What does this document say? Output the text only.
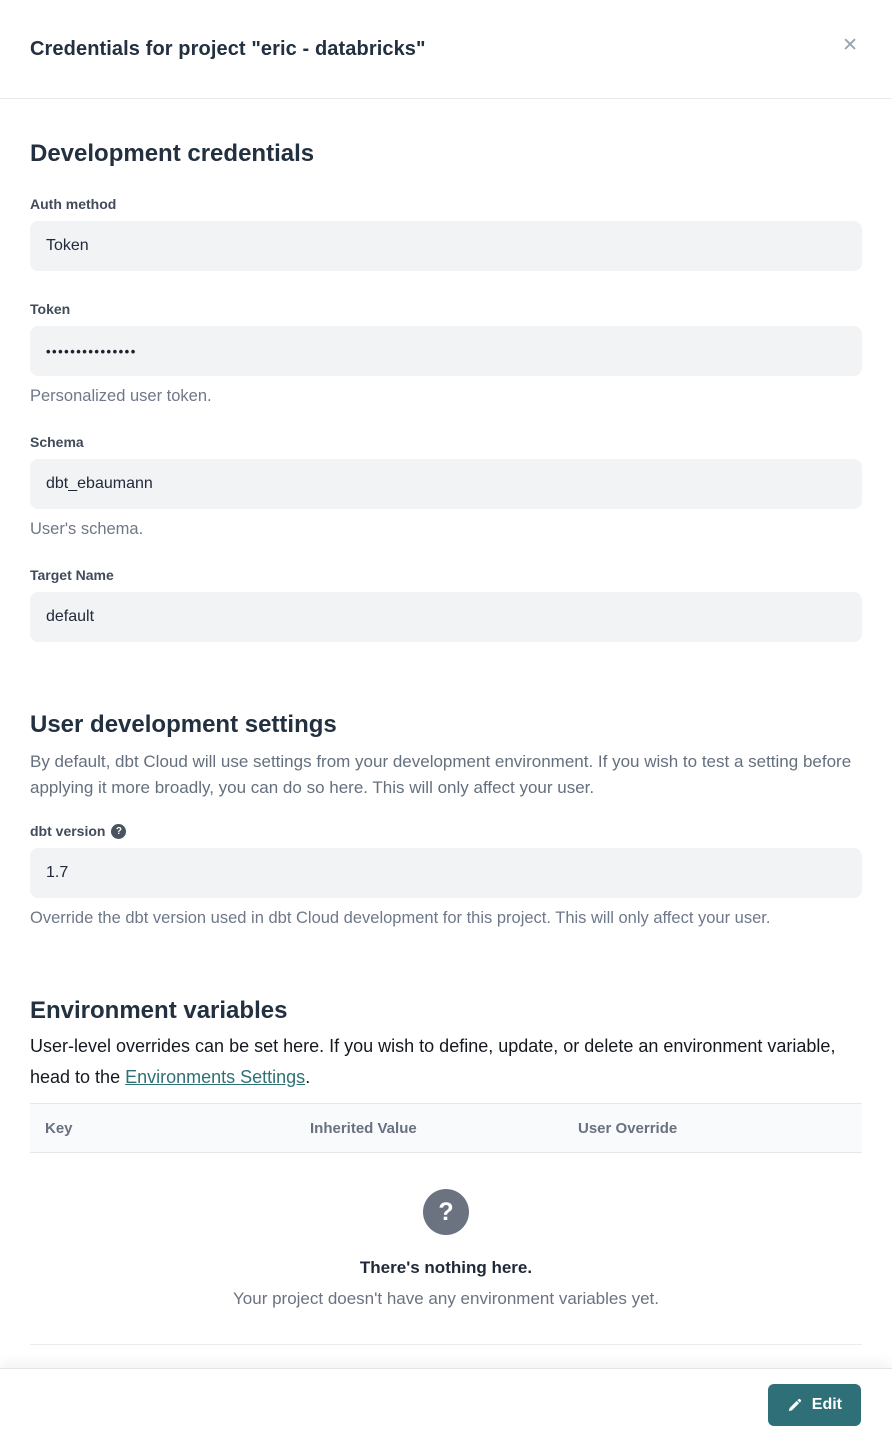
Credentials for project "eric - databricks"	✕
Development credentials
Auth method
Token
Token
•••••••••••••••
Personalized user token.
Schema
dbt_ebaumann
User's schema.
Target Name
default
User development settings
By default, dbt Cloud will use settings from your development environment. If you wish to test a setting before applying it more broadly, you can do so here. This will only affect your user.
dbt version	?
1.7
Override the dbt version used in dbt Cloud development for this project. This will only affect your user.
Environment variables
User-level overrides can be set here. If you wish to define, update, or delete an environment variable, head to the Environments Settings.
Key	Inherited Value	User Override
?
There's nothing here.
Your project doesn't have any environment variables yet.
Edit
